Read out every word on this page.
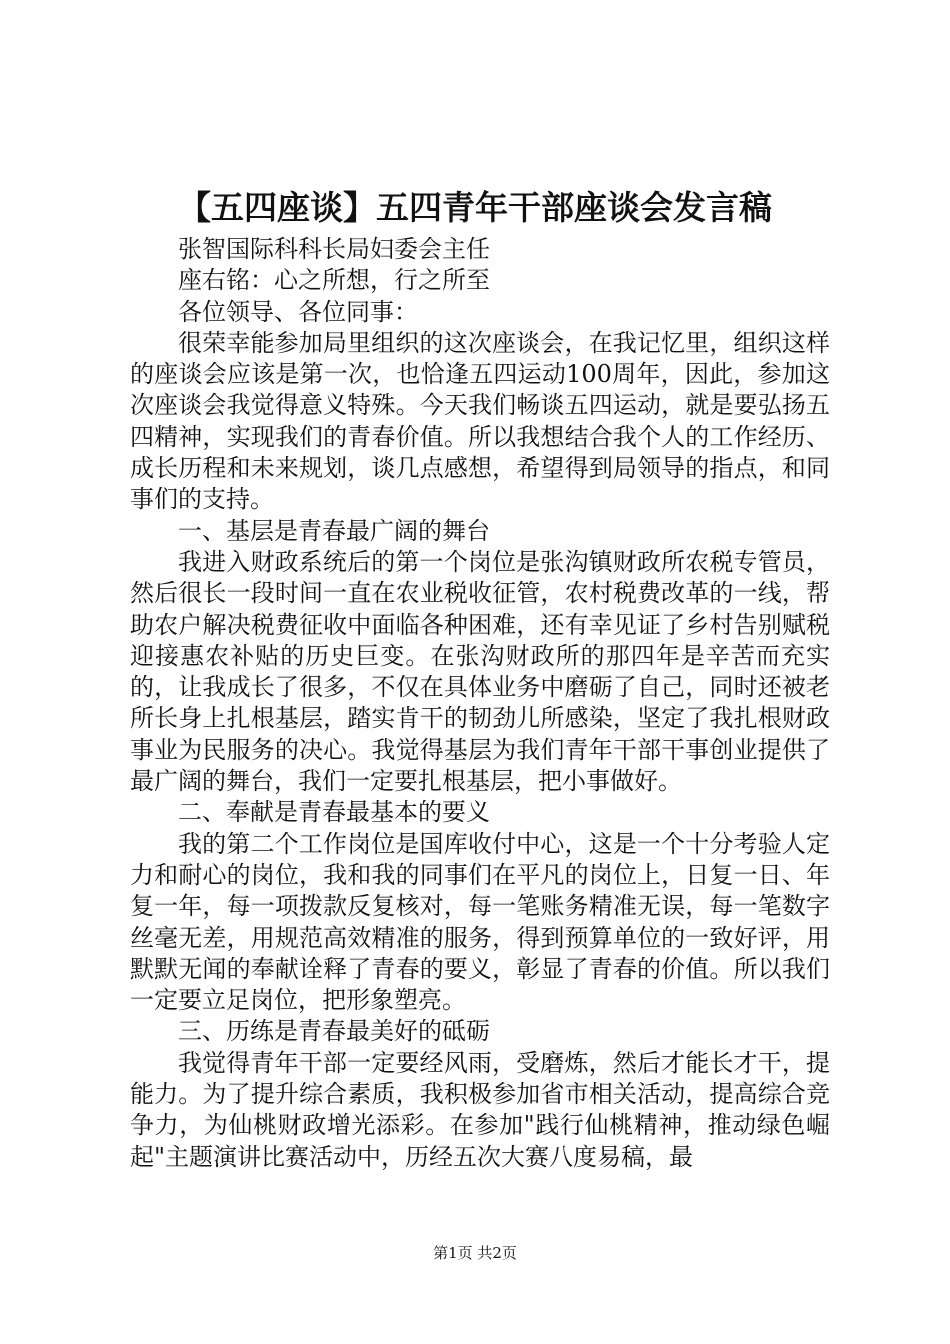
【五四座谈】五四青年干部座谈会发言稿
张智国际科科长局妇委会主任
座右铭：心之所想，行之所至
各位领导、各位同事：

很荣幸能参加局里组织的这次座谈会，在我记忆里，组织这样的座谈会应该是第一次，也恰逢五四运动100周年，因此，参加这次座谈会我觉得意义特殊。今天我们畅谈五四运动，就是要弘扬五四精神，实现我们的青春价值。所以我想结合我个人的工作经历、成长历程和未来规划，谈几点感想，希望得到局领导的指点，和同事们的支持。

一、基层是青春最广阔的舞台

我进入财政系统后的第一个岗位是张沟镇财政所农税专管员，然后很长一段时间一直在农业税收征管，农村税费改革的一线，帮助农户解决税费征收中面临各种困难，还有幸见证了乡村告别赋税迎接惠农补贴的历史巨变。在张沟财政所的那四年是辛苦而充实的，让我成长了很多，不仅在具体业务中磨砺了自己，同时还被老所长身上扎根基层，踏实肯干的韧劲儿所感染，坚定了我扎根财政事业为民服务的决心。我觉得基层为我们青年干部干事创业提供了最广阔的舞台，我们一定要扎根基层，把小事做好。

二、奉献是青春最基本的要义

我的第二个工作岗位是国库收付中心，这是一个十分考验人定力和耐心的岗位，我和我的同事们在平凡的岗位上，日复一日、年复一年，每一项拨款反复核对，每一笔账务精准无误，每一笔数字丝毫无差，用规范高效精准的服务，得到预算单位的一致好评，用默默无闻的奉献诠释了青春的要义，彰显了青春的价值。所以我们一定要立足岗位，把形象塑亮。

三、历练是青春最美好的砥砺

我觉得青年干部一定要经风雨，受磨炼，然后才能长才干，提能力。为了提升综合素质，我积极参加省市相关活动，提高综合竞争力，为仙桃财政增光添彩。在参加"践行仙桃精神，推动绿色崛起"主题演讲比赛活动中，历经五次大赛八度易稿，最

第1页 共2页
